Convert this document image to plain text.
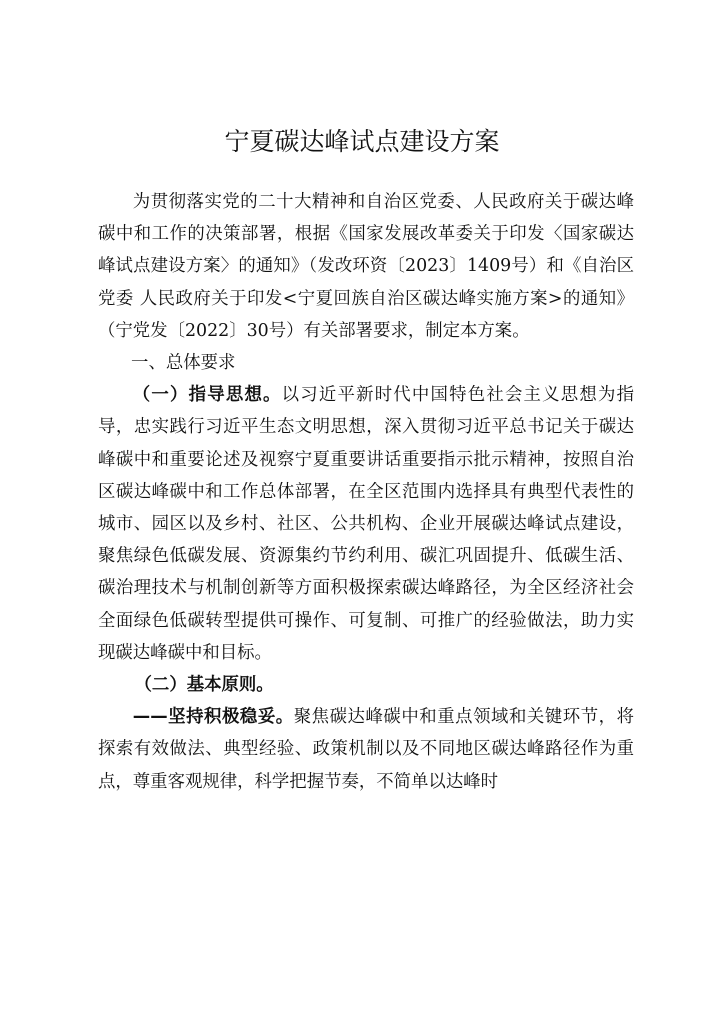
宁夏碳达峰试点建设方案

为贯彻落实党的二十大精神和自治区党委、人民政府关于碳达峰碳中和工作的决策部署，根据《国家发展改革委关于印发〈国家碳达峰试点建设方案〉的通知》（发改环资〔2023〕1409号）和《自治区党委 人民政府关于印发<宁夏回族自治区碳达峰实施方案>的通知》（宁党发〔2022〕30号）有关部署要求，制定本方案。

一、总体要求

（一）指导思想。以习近平新时代中国特色社会主义思想为指导，忠实践行习近平生态文明思想，深入贯彻习近平总书记关于碳达峰碳中和重要论述及视察宁夏重要讲话重要指示批示精神，按照自治区碳达峰碳中和工作总体部署，在全区范围内选择具有典型代表性的城市、园区以及乡村、社区、公共机构、企业开展碳达峰试点建设，聚焦绿色低碳发展、资源集约节约利用、碳汇巩固提升、低碳生活、碳治理技术与机制创新等方面积极探索碳达峰路径，为全区经济社会全面绿色低碳转型提供可操作、可复制、可推广的经验做法，助力实现碳达峰碳中和目标。

（二）基本原则。

——坚持积极稳妥。聚焦碳达峰碳中和重点领域和关键环节，将探索有效做法、典型经验、政策机制以及不同地区碳达峰路径作为重点，尊重客观规律，科学把握节奏，不简单以达峰时
